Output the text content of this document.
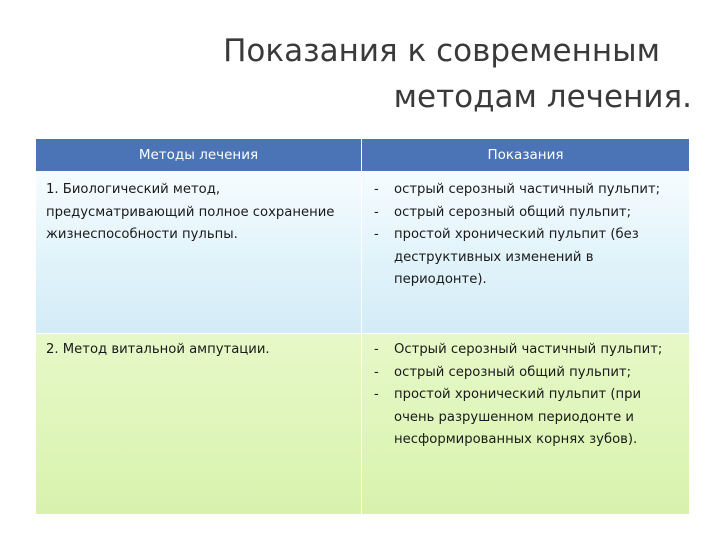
Показания к современным
методам лечения.
Методы лечения	Показания
1. Биологический метод, предусматривающий полное сохранение жизнеспособности пульпы.
- острый серозный частичный пульпит;
- острый серозный общий пульпит;
- простой хронический пульпит (без деструктивных изменений в периодонте).
2. Метод витальной ампутации.
-	Острый серозный частичный пульпит;
- острый серозный общий пульпит;
- простой хронический пульпит (при очень разрушенном периодонте и несформированных корнях зубов).
